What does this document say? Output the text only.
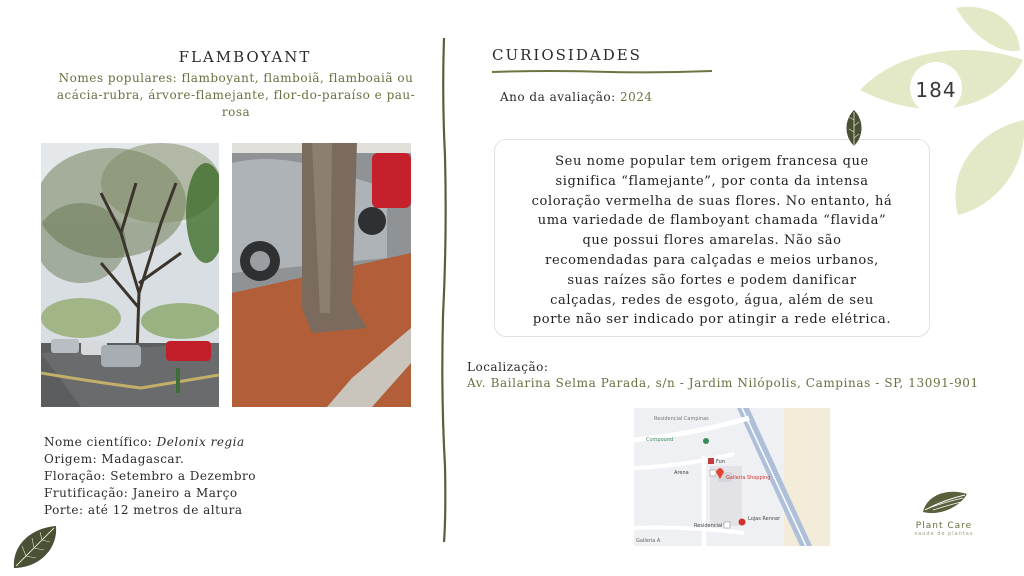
FLAMBOYANT
Nomes populares: flamboyant, flamboiã, flamboaiã ou
acácia-rubra, árvore-flamejante, flor-do-paraíso e pau-
rosa
Nome científico: Delonix regia
Origem: Madagascar.
Floração: Setembro a Dezembro
Frutificação: Janeiro a Março
Porte: até 12 metros de altura
CURIOSIDADES
Ano da avaliação: 2024
Seu nome popular tem origem francesa que
significa “flamejante”, por conta da intensa
coloração vermelha de suas flores. No entanto, há
uma variedade de flamboyant chamada “flavida”
que possui flores amarelas. Não são
recomendadas para calçadas e meios urbanos,
suas raízes são fortes e podem danificar
calçadas, redes de esgoto, água, além de seu
porte não ser indicado por atingir a rede elétrica.
Localização:
Av. Bailarina Selma Parada, s/n - Jardim Nilópolis, Campinas - SP, 13091-901
Residencial Campinas
Compound
Fun
Arena
Galleria Shopping
Residencial
Lojas Renner
Galleria A
184
Plant Care
saúde de plantas
